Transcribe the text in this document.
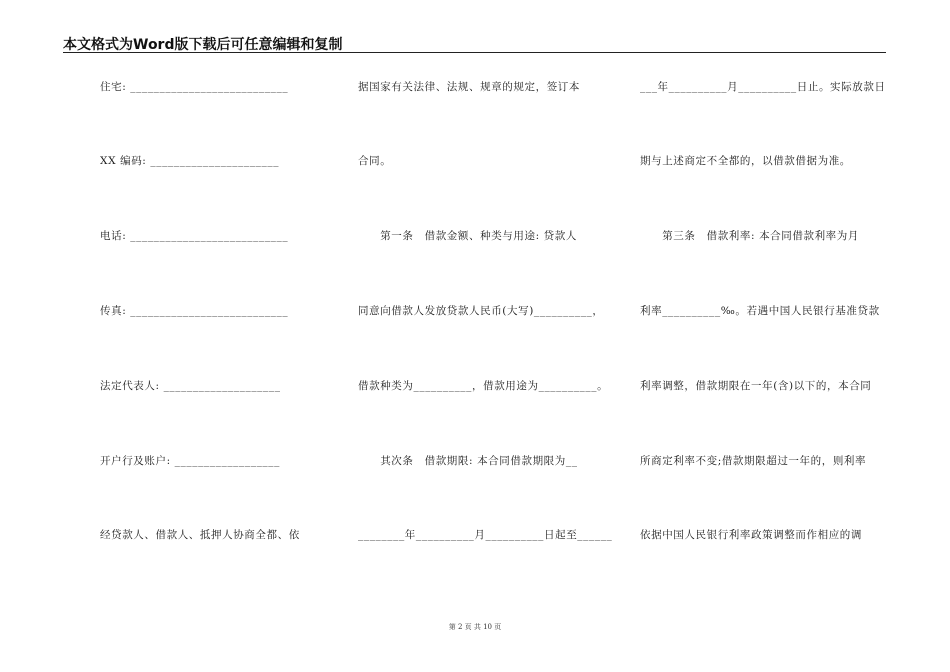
本文格式为Word版下载后可任意编辑和复制
住宅: ___________________________
XX 编码: ______________________
电话: ___________________________
传真: ___________________________
法定代表人: ____________________
开户行及账户: __________________
经贷款人、借款人、抵押人协商全都、依
据国家有关法律、法规、规章的规定，签订本
合同。
　　第一条　借款金额、种类与用途: 贷款人
同意向借款人发放贷款人民币(大写)__________，
借款种类为__________，借款用途为__________。
　　其次条　借款期限: 本合同借款期限为__
________年__________月__________日起至______
___年__________月__________日止。实际放款日
期与上述商定不全都的，以借款借据为准。
　　第三条　借款利率: 本合同借款利率为月
利率__________‰。若遇中国人民银行基准贷款
利率调整，借款期限在一年(含)以下的，本合同
所商定利率不变;借款期限超过一年的，则利率
依据中国人民银行利率政策调整而作相应的调
第 2 页 共 10 页
